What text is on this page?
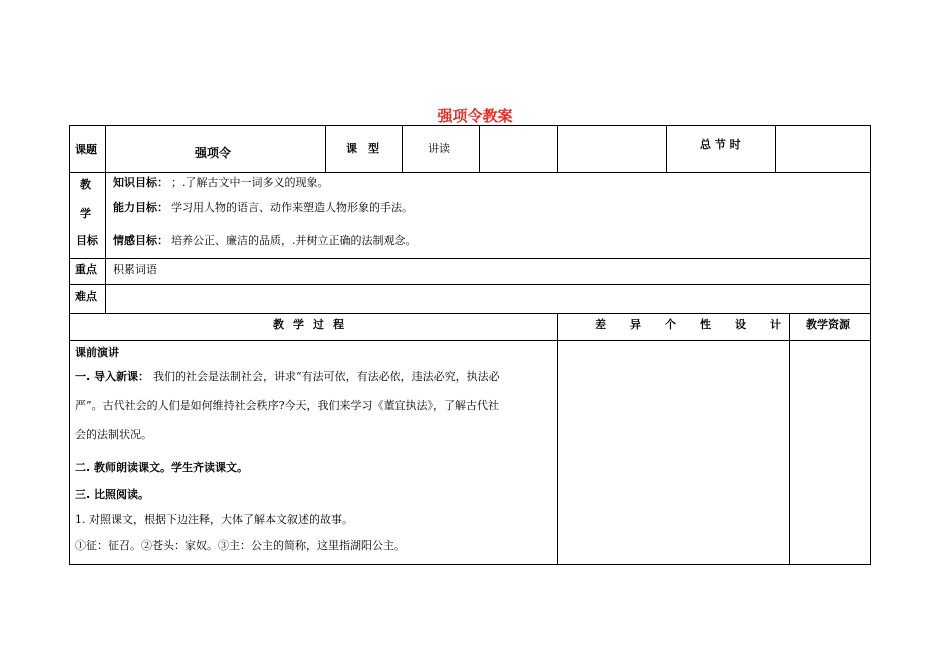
强项令教案
课题	强项令	课　型	讲读	总 节 时
教
学
目标
知识目标： ；.了解古文中一词多义的现象。
能力目标： 学习用人物的语言、动作来塑造人物形象的手法。
情感目标： 培养公正、廉洁的品质，.并树立正确的法制观念。
重点 积累词语
难点
教学过程	差异个性设计 教学资源
课前演讲
一. 导入新课： 我们的社会是法制社会，讲求“有法可依，有法必依，违法必究，执法必
严”。古代社会的人们是如何维持社会秩序?今天，我们来学习《董宜执法》，了解古代社
会的法制状况。
二. 教师朗读课文。学生齐读课文。
三. 比照阅读。
1. 对照课文，根据下边注释，大体了解本文叙述的故事。
①征：征召。②苍头：家奴。③主：公主的简称，这里指湖阳公主。
